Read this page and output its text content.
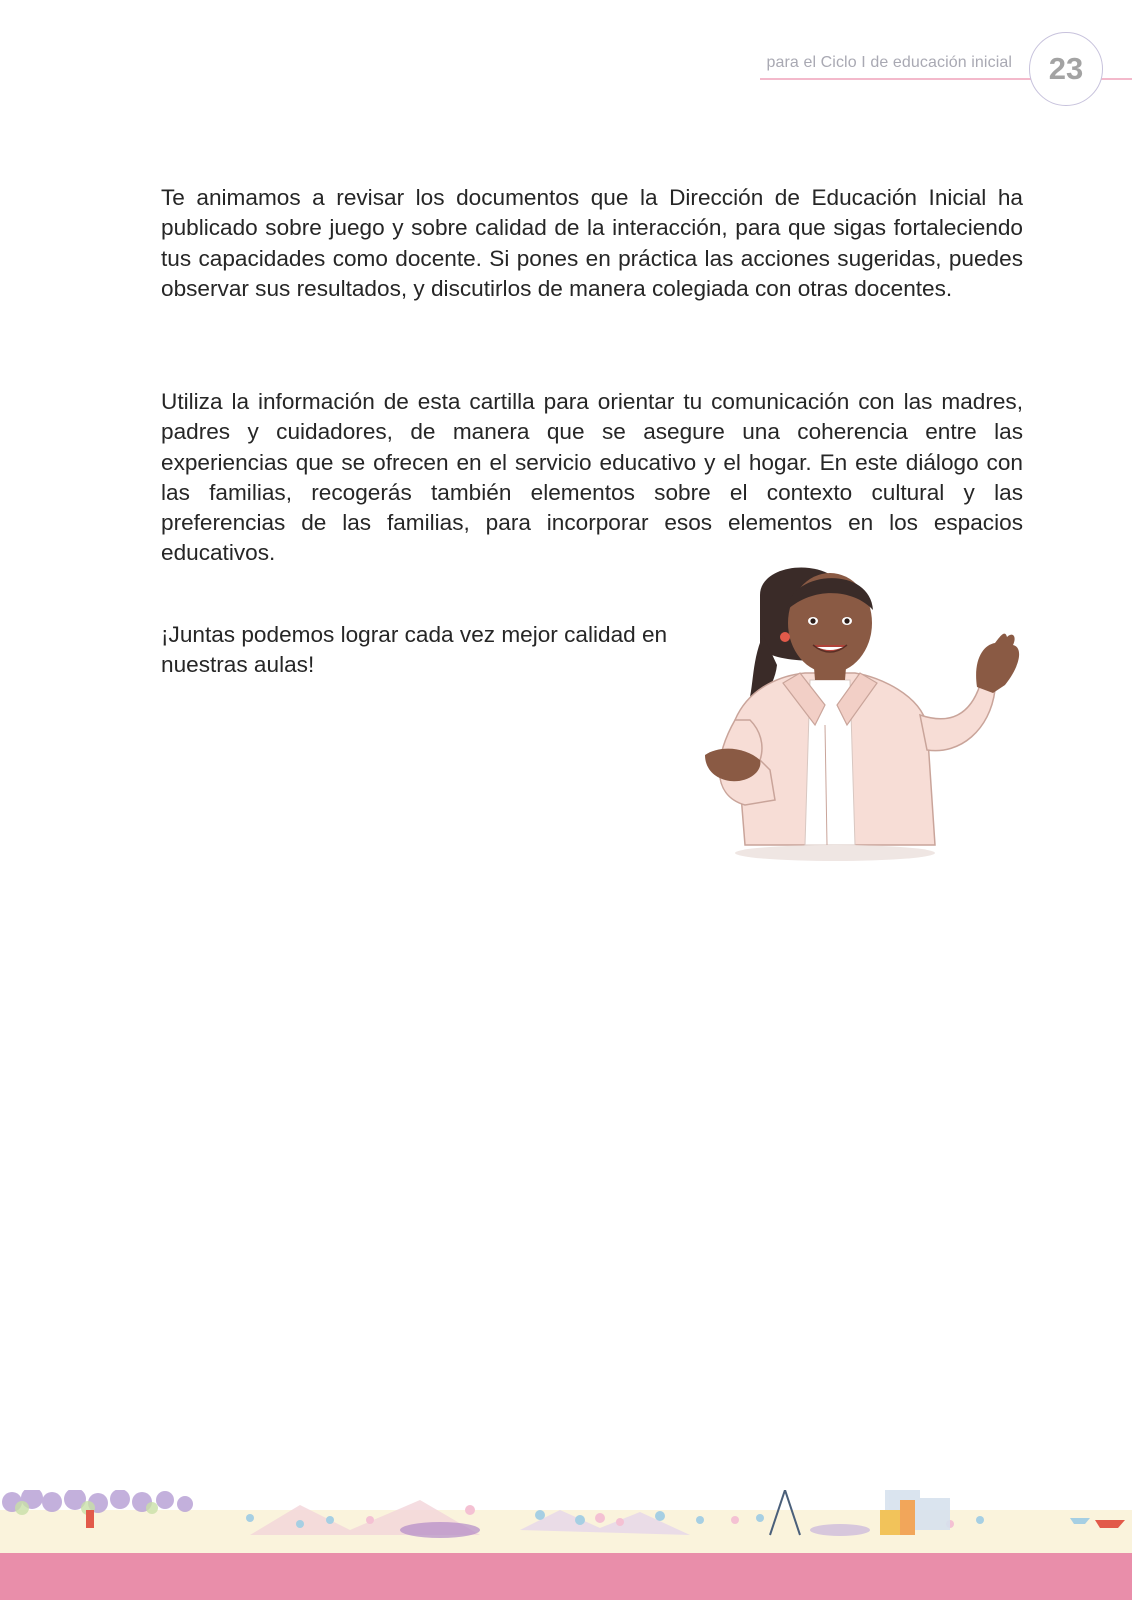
para el Ciclo I de educación inicial 23

Te animamos a revisar los documentos que la Dirección de Educación Inicial ha publicado sobre juego y sobre calidad de la interacción, para que sigas fortaleciendo tus capacidades como docente. Si pones en práctica las acciones sugeridas, puedes observar sus resultados, y discutirlos de manera colegiada con otras docentes.

Utiliza la información de esta cartilla para orientar tu comunicación con las madres, padres y cuidadores, de manera que se asegure una coherencia entre las experiencias que se ofrecen en el servicio educativo y el hogar. En este diálogo con las familias, recogerás también elementos sobre el contexto cultural y las preferencias de las familias, para incorporar esos elementos en los espacios educativos.

¡Juntas podemos lograr cada vez mejor calidad en nuestras aulas!
